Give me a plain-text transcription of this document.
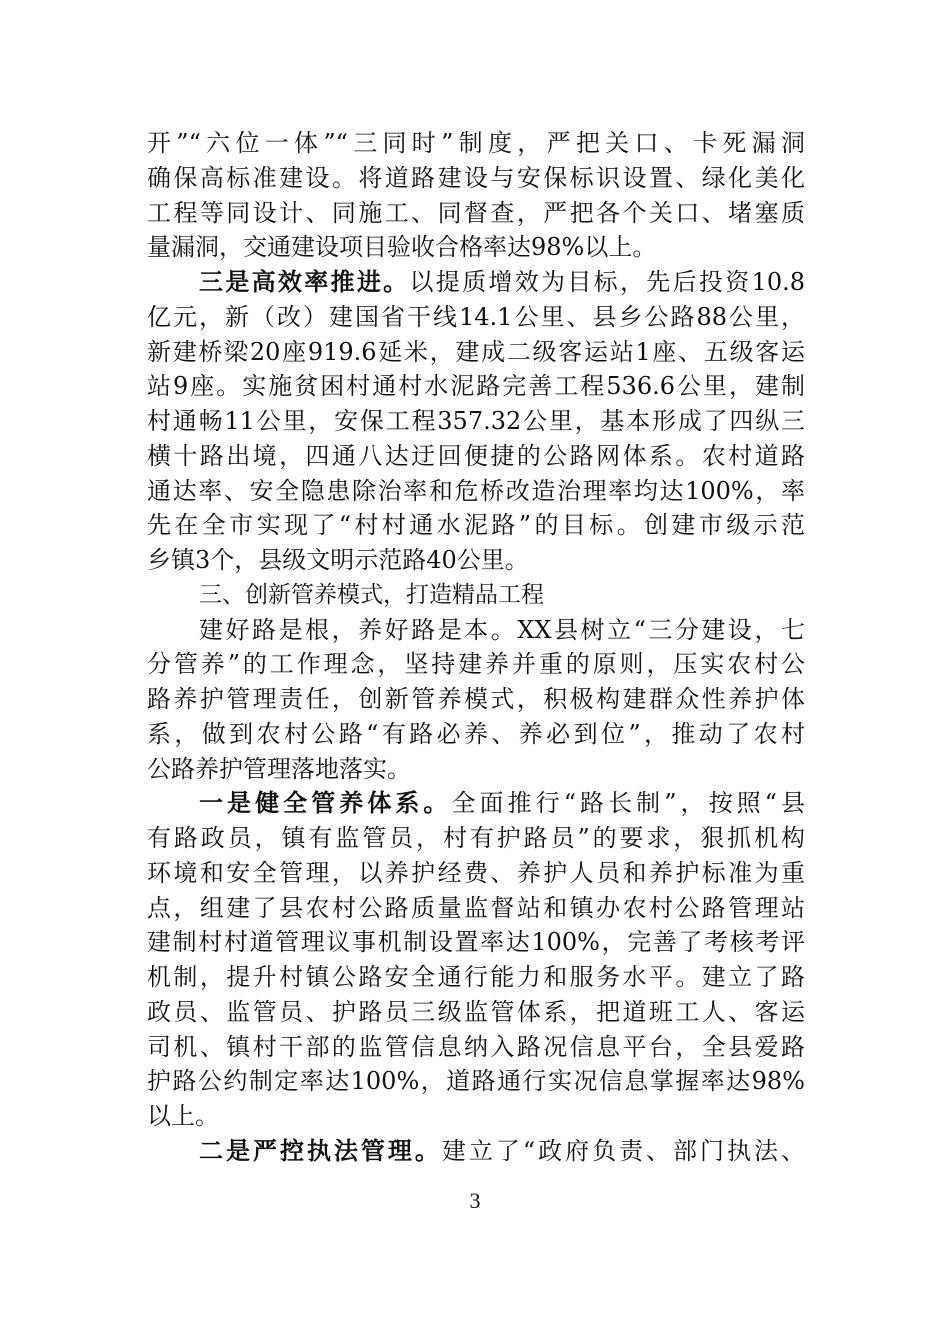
开”“六位一体”“三同时”制度，严把关口、卡死漏洞
确保高标准建设。将道路建设与安保标识设置、绿化美化
工程等同设计、同施工、同督查，严把各个关口、堵塞质
量漏洞，交通建设项目验收合格率达98%以上。
三是高效率推进。以提质增效为目标，先后投资10.8
亿元，新（改）建国省干线14.1公里、县乡公路88公里，
新建桥梁20座919.6延米，建成二级客运站1座、五级客运
站9座。实施贫困村通村水泥路完善工程536.6公里，建制
村通畅11公里，安保工程357.32公里，基本形成了四纵三
横十路出境，四通八达迂回便捷的公路网体系。农村道路
通达率、安全隐患除治率和危桥改造治理率均达100%，率
先在全市实现了“村村通水泥路”的目标。创建市级示范
乡镇3个，县级文明示范路40公里。
三、创新管养模式，打造精品工程
建好路是根，养好路是本。XX县树立“三分建设，七
分管养”的工作理念，坚持建养并重的原则，压实农村公
路养护管理责任，创新管养模式，积极构建群众性养护体
系，做到农村公路“有路必养、养必到位”，推动了农村
公路养护管理落地落实。
一是健全管养体系。全面推行“路长制”，按照“县
有路政员，镇有监管员，村有护路员”的要求，狠抓机构
环境和安全管理，以养护经费、养护人员和养护标准为重
点，组建了县农村公路质量监督站和镇办农村公路管理站
建制村村道管理议事机制设置率达100%，完善了考核考评
机制，提升村镇公路安全通行能力和服务水平。建立了路
政员、监管员、护路员三级监管体系，把道班工人、客运
司机、镇村干部的监管信息纳入路况信息平台，全县爱路
护路公约制定率达100%，道路通行实况信息掌握率达98%
以上。
二是严控执法管理。建立了“政府负责、部门执法、
3
